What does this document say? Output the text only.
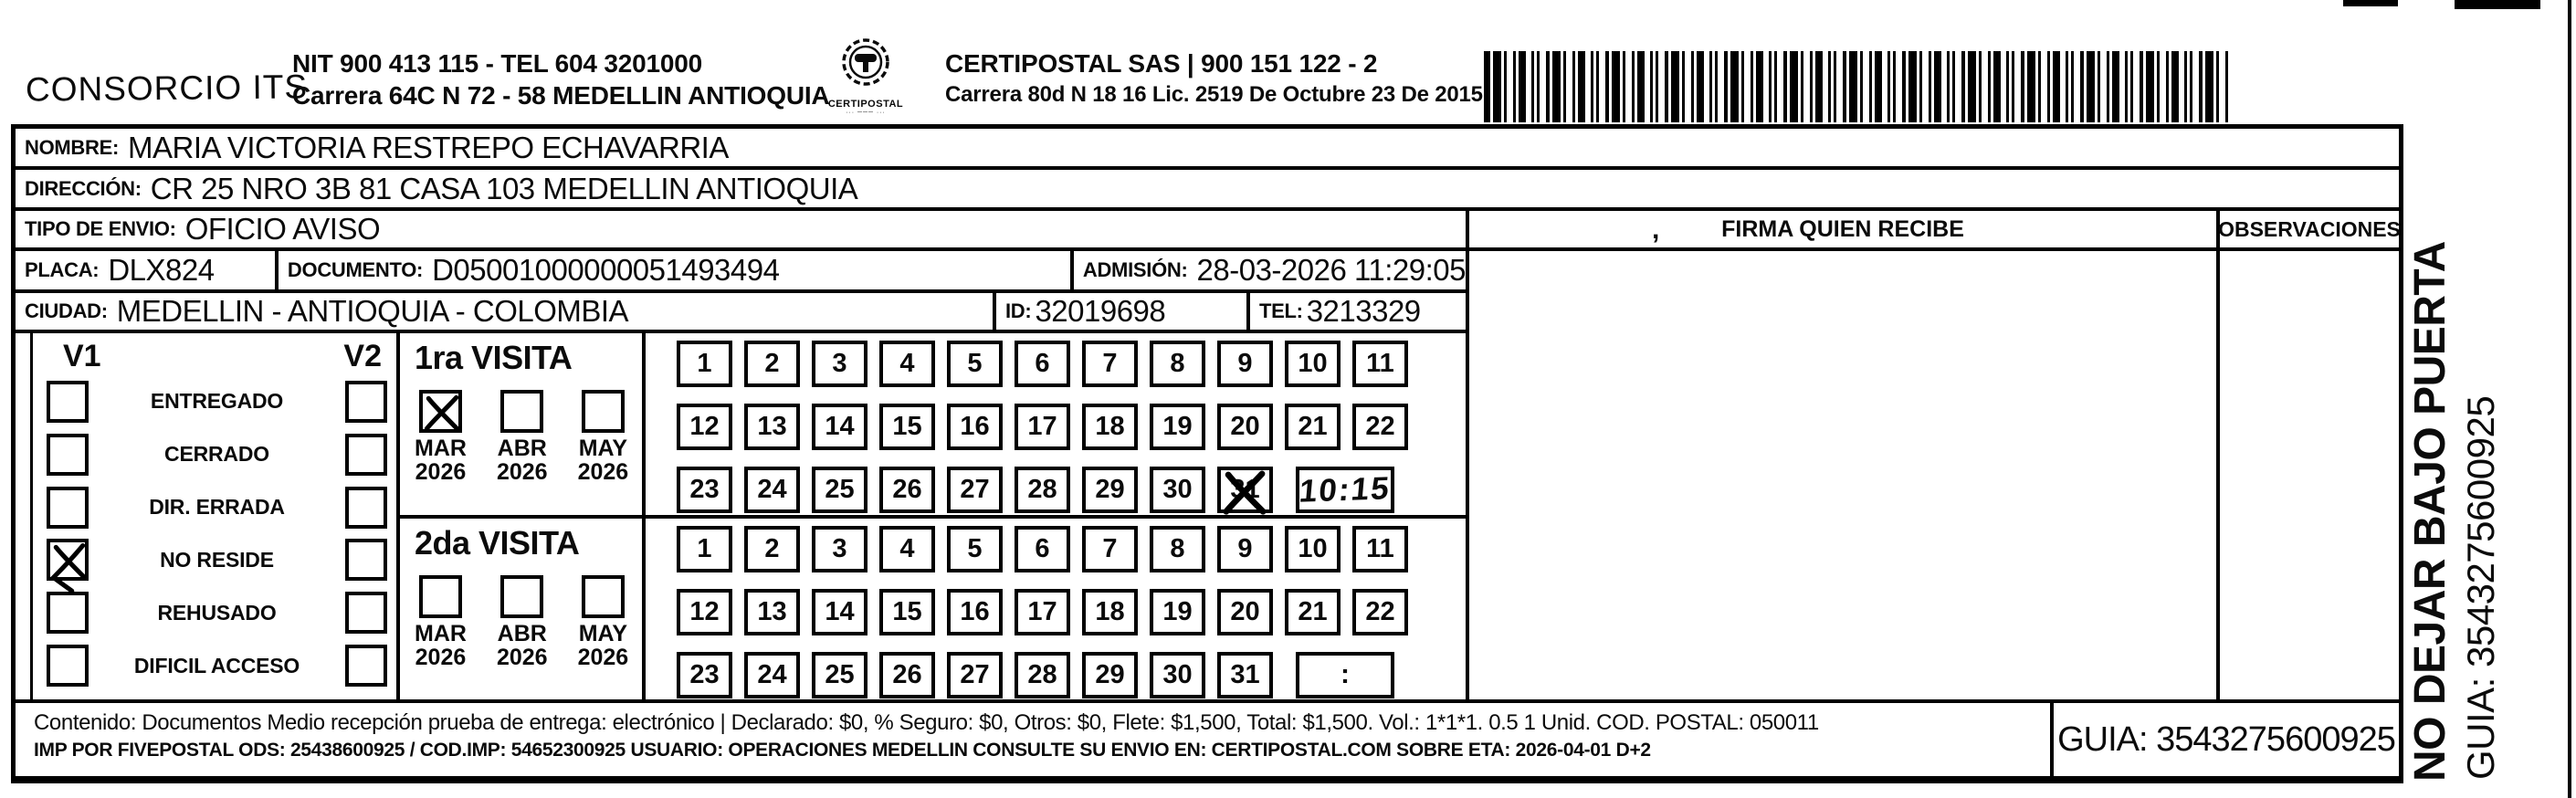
CONSORCIO ITS
NIT 900 413 115 - TEL 604 3201000
Carrera 64C N 72 - 58 MEDELLIN ANTIOQUIA
CERTIPOSTAL
··· ─── ···
CERTIPOSTAL SAS | 900 151 122 - 2
Carrera 80d N 18 16 Lic. 2519 De Octubre 23 De 2015
NOMBRE: MARIA VICTORIA RESTREPO ECHAVARRIA
DIRECCIÓN: CR 25 NRO 3B 81 CASA 103 MEDELLIN ANTIOQUIA
TIPO DE ENVIO: OFICIO AVISO	,	FIRMA QUIEN RECIBE	OBSERVACIONES
PLACA: DLX824	DOCUMENTO: D05001000000051493494	ADMISIÓN: 28-03-2026 11:29:05
CIUDAD: MEDELLIN - ANTIOQUIA - COLOMBIA	ID: 32019698	TEL: 3213329
V1	V2
ENTREGADO
CERRADO
DIR. ERRADA
NO RESIDE
REHUSADO
DIFICIL ACCESO
1ra VISITA
MAR
2026
ABR
2026
MAY
2026
1	2	3	4	5	6	7	8	9	10	11
12	13	14	15	16	17	18	19	20	21	22
23	24	25	26	27	28	29	30	31	10:15
2da VISITA
MAR
2026
ABR
2026
MAY
2026
1	2	3	4	5	6	7	8	9	10	11
12	13	14	15	16	17	18	19	20	21	22
23	24	25	26	27	28	29	30	31	:
Contenido: Documentos Medio recepción prueba de entrega: electrónico | Declarado: $0, % Seguro: $0, Otros: $0, Flete: $1,500, Total: $1,500. Vol.: 1*1*1. 0.5 1 Unid. COD. POSTAL: 050011
IMP POR FIVEPOSTAL ODS: 25438600925 / COD.IMP: 54652300925 USUARIO: OPERACIONES MEDELLIN CONSULTE SU ENVIO EN: CERTIPOSTAL.COM SOBRE ETA: 2026-04-01 D+2	GUIA: 3543275600925 NO DEJAR BAJO PUERTA GUIA: 3543275600925
